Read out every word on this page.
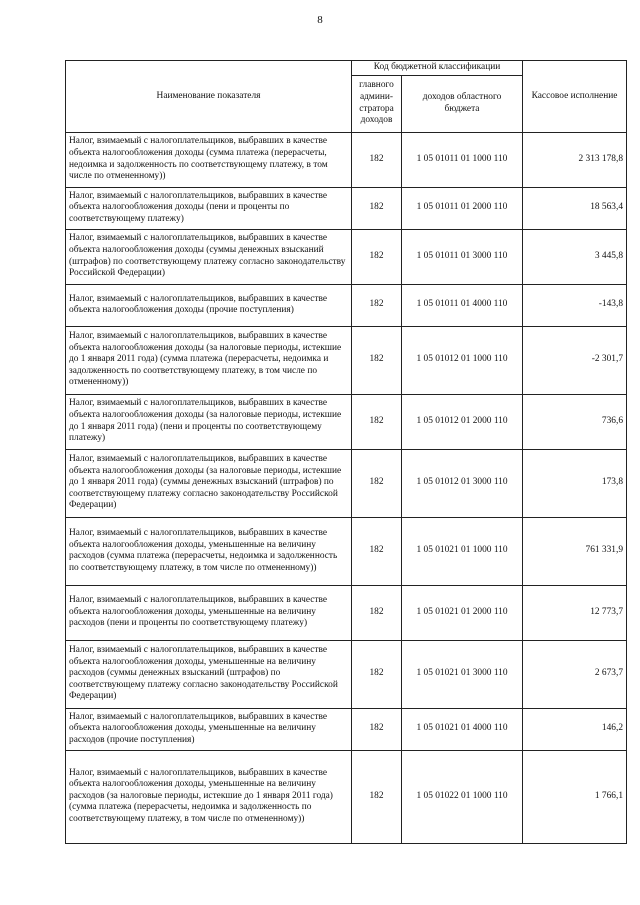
8
Наименование показателя	Код бюджетной классификации		Кассовое исполнение
	главного админи-стратора доходов	доходов областного бюджета	
Налог, взимаемый с налогоплательщиков, выбравших в качестве объекта налогообложения доходы (сумма платежа (перерасчеты, недоимка и задолженность по соответствующему платежу, в том числе по отмененному))	182	1 05 01011 01 1000 110	2 313 178,8
Налог, взимаемый с налогоплательщиков, выбравших в качестве объекта налогообложения доходы (пени и проценты по соответствующему платежу)	182	1 05 01011 01 2000 110	18 563,4
Налог, взимаемый с налогоплательщиков, выбравших в качестве объекта налогообложения доходы (суммы денежных взысканий (штрафов) по соответствующему платежу согласно законодательству Российской Федерации)	182	1 05 01011 01 3000 110	3 445,8
Налог, взимаемый с налогоплательщиков, выбравших в качестве объекта налогообложения доходы (прочие поступления)	182	1 05 01011 01 4000 110	-143,8
Налог, взимаемый с налогоплательщиков, выбравших в качестве объекта налогообложения доходы (за налоговые периоды, истекшие до 1 января 2011 года) (сумма платежа (перерасчеты, недоимка и задолженность по соответствующему платежу, в том числе по отмененному))	182	1 05 01012 01 1000 110	-2 301,7
Налог, взимаемый с налогоплательщиков, выбравших в качестве объекта налогообложения доходы (за налоговые периоды, истекшие до 1 января 2011 года) (пени и проценты по соответствующему платежу)	182	1 05 01012 01 2000 110	736,6
Налог, взимаемый с налогоплательщиков, выбравших в качестве объекта налогообложения доходы (за налоговые периоды, истекшие до 1 января 2011 года) (суммы денежных взысканий (штрафов) по соответствующему платежу согласно законодательству Российской Федерации)	182	1 05 01012 01 3000 110	173,8
Налог, взимаемый с налогоплательщиков, выбравших в качестве объекта налогообложения доходы, уменьшенные на величину расходов (сумма платежа (перерасчеты, недоимка и задолженность по соответствующему платежу, в том числе по отмененному))	182	1 05 01021 01 1000 110	761 331,9
Налог, взимаемый с налогоплательщиков, выбравших в качестве объекта налогообложения доходы, уменьшенные на величину расходов (пени и проценты по соответствующему платежу)	182	1 05 01021 01 2000 110	12 773,7
Налог, взимаемый с налогоплательщиков, выбравших в качестве объекта налогообложения доходы, уменьшенные на величину расходов (суммы денежных взысканий (штрафов) по соответствующему платежу согласно законодательству Российской Федерации)	182	1 05 01021 01 3000 110	2 673,7
Налог, взимаемый с налогоплательщиков, выбравших в качестве объекта налогообложения доходы, уменьшенные на величину расходов (прочие поступления)	182	1 05 01021 01 4000 110	146,2
Налог, взимаемый с налогоплательщиков, выбравших в качестве объекта налогообложения доходы, уменьшенные на величину расходов (за налоговые периоды, истекшие до 1 января 2011 года) (сумма платежа (перерасчеты, недоимка и задолженность по соответствующему платежу, в том числе по отмененному))	182	1 05 01022 01 1000 110	1 766,1
